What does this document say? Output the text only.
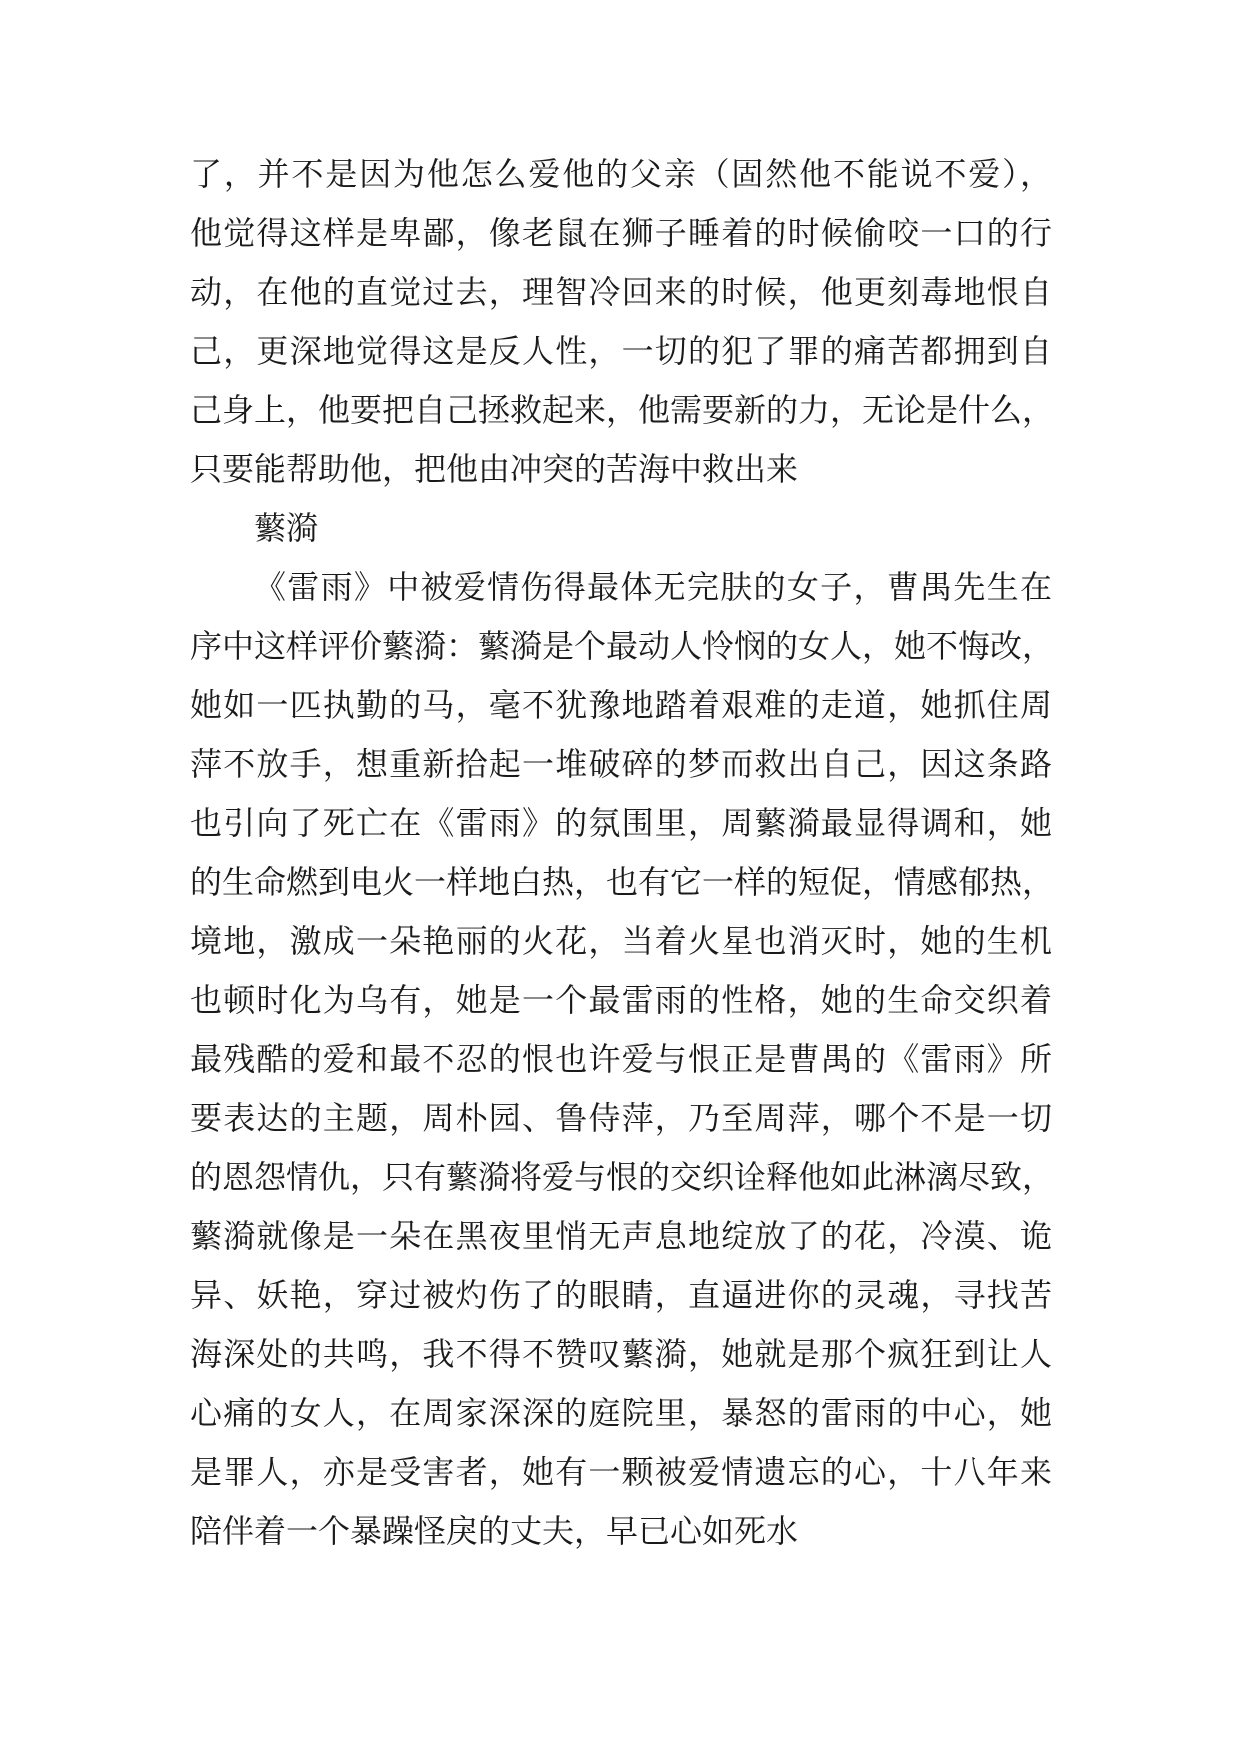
了，并不是因为他怎么爱他的父亲（固然他不能说不爱），
他觉得这样是卑鄙，像老鼠在狮子睡着的时候偷咬一口的行
动，在他的直觉过去，理智冷回来的时候，他更刻毒地恨自
己，更深地觉得这是反人性，一切的犯了罪的痛苦都拥到自
己身上，他要把自己拯救起来，他需要新的力，无论是什么，
只要能帮助他，把他由冲突的苦海中救出来
蘩漪
《雷雨》中被爱情伤得最体无完肤的女子，曹禺先生在
序中这样评价蘩漪：蘩漪是个最动人怜悯的女人，她不悔改，
她如一匹执勤的马，毫不犹豫地踏着艰难的走道，她抓住周
萍不放手，想重新拾起一堆破碎的梦而救出自己，因这条路
也引向了死亡在《雷雨》的氛围里，周蘩漪最显得调和，她
的生命燃到电火一样地白热，也有它一样的短促，情感郁热，
境地，激成一朵艳丽的火花，当着火星也消灭时，她的生机
也顿时化为乌有，她是一个最雷雨的性格，她的生命交织着
最残酷的爱和最不忍的恨也许爱与恨正是曹禺的《雷雨》所
要表达的主题，周朴园、鲁侍萍，乃至周萍，哪个不是一切
的恩怨情仇，只有蘩漪将爱与恨的交织诠释他如此淋漓尽致，
蘩漪就像是一朵在黑夜里悄无声息地绽放了的花，冷漠、诡
异、妖艳，穿过被灼伤了的眼睛，直逼进你的灵魂，寻找苦
海深处的共鸣，我不得不赞叹蘩漪，她就是那个疯狂到让人
心痛的女人，在周家深深的庭院里，暴怒的雷雨的中心，她
是罪人，亦是受害者，她有一颗被爱情遗忘的心，十八年来
陪伴着一个暴躁怪戾的丈夫，早已心如死水
